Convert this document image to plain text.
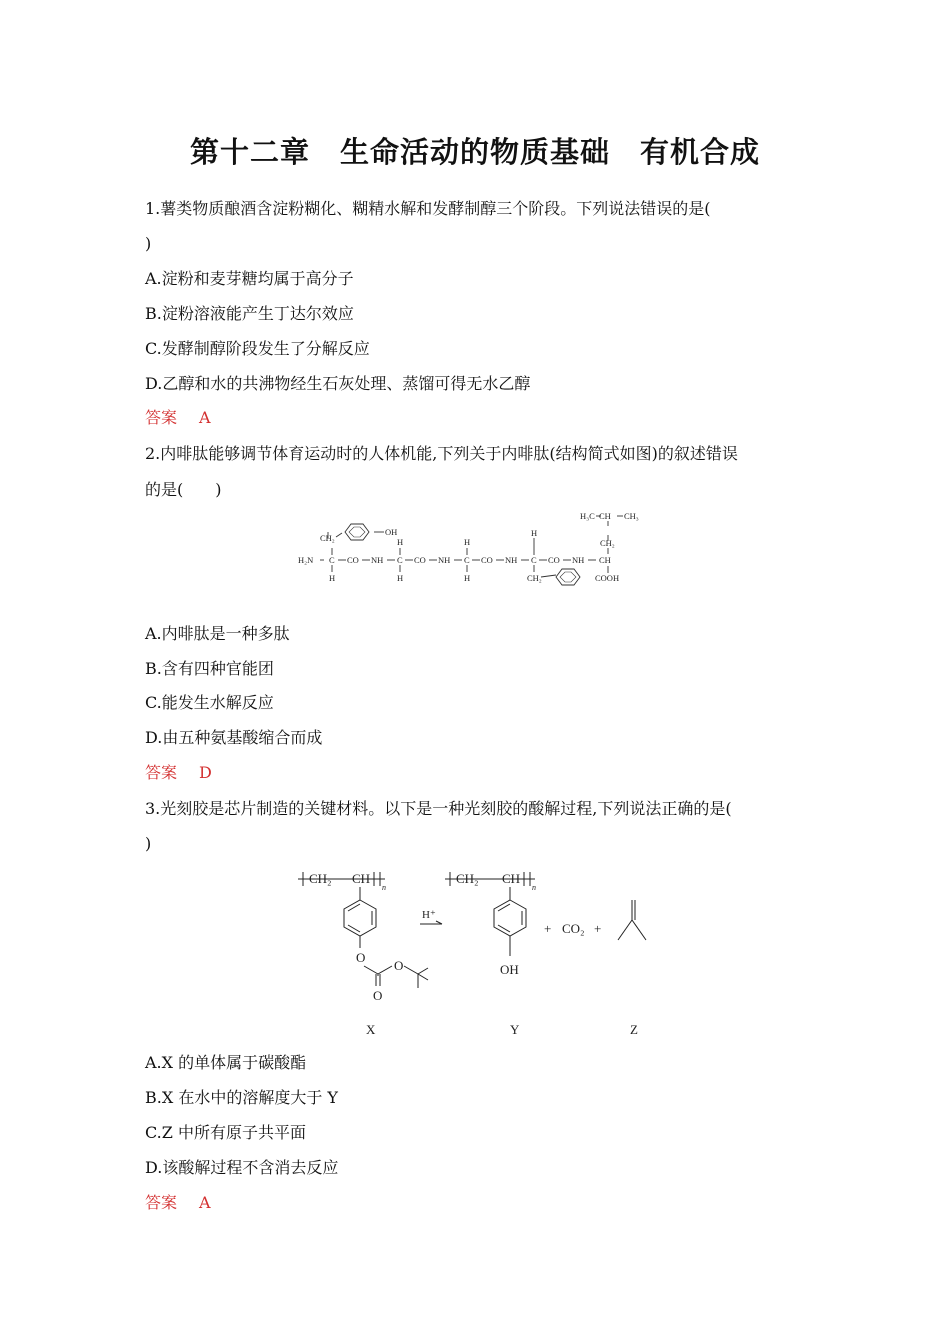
第十二章　生命活动的物质基础　有机合成
1.薯类物质酿酒含淀粉糊化、糊精水解和发酵制醇三个阶段。下列说法错误的是(
)
A.淀粉和麦芽糖均属于高分子
B.淀粉溶液能产生丁达尔效应
C.发酵制醇阶段发生了分解反应
D.乙醇和水的共沸物经生石灰处理、蒸馏可得无水乙醇
答案 A
2.内啡肽能够调节体育运动时的人体机能,下列关于内啡肽(结构简式如图)的叙述错误
的是(　　)
H₂N C
H
CH₂
OH
CO NH C
H
H
CO NH C
H
H
CO NH C
H
CH₂
CO NH CH
CH₂
CH
H₃C	CH₃
COOH
A.内啡肽是一种多肽
B.含有四种官能团
C.能发生水解反应
D.由五种氨基酸缩合而成
答案 D
3.光刻胶是芯片制造的关键材料。以下是一种光刻胶的酸解过程,下列说法正确的是(
)
CH₂ CH
n
O
O
O
H⁺
CH₂ CH
n
OH
+ CO₂ +
X	Y	Z
A.X 的单体属于碳酸酯
B.X 在水中的溶解度大于 Y
C.Z 中所有原子共平面
D.该酸解过程不含消去反应
答案 A
